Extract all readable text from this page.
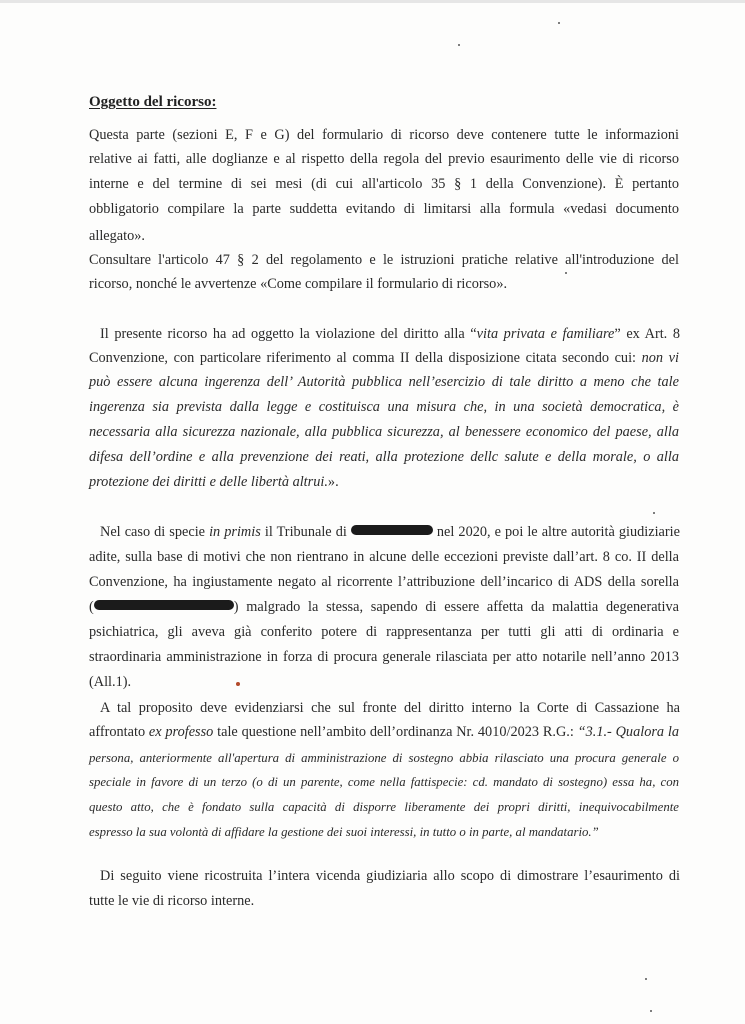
Oggetto del ricorso:
Questa parte (sezioni E, F e G) del formulario di ricorso deve contenere tutte le informazioni
relative ai fatti, alle doglianze e al rispetto della regola del previo esaurimento delle vie di ricorso
interne e del termine di sei mesi (di cui all'articolo 35 § 1 della Convenzione). È pertanto
obbligatorio compilare la parte suddetta evitando di limitarsi alla formula «vedasi documento
allegato».
Consultare l'articolo 47 § 2 del regolamento e le istruzioni pratiche relative all'introduzione del
ricorso, nonché le avvertenze «Come compilare il formulario di ricorso».
Il presente ricorso ha ad oggetto la violazione del diritto alla “vita privata e familiare” ex Art. 8
Convenzione, con particolare riferimento al comma II della disposizione citata secondo cui: non vi
può essere alcuna ingerenza dell’ Autorità pubblica nell’esercizio di tale diritto a meno che tale
ingerenza sia prevista dalla legge e costituisca una misura che, in una società democratica, è
necessaria alla sicurezza nazionale, alla pubblica sicurezza, al benessere economico del paese, alla
difesa dell’ordine e alla prevenzione dei reati, alla protezione dellc salute e della morale, o alla
protezione dei diritti e delle libertà altrui.».
Nel caso di specie in primis il Tribunale di	nel 2020, e poi le altre autorità giudiziarie
adite, sulla base di motivi che non rientrano in alcune delle eccezioni previste dall’art. 8 co. II della
Convenzione, ha ingiustamente negato al ricorrente l’attribuzione dell’incarico di ADS della sorella
(	) malgrado la stessa, sapendo di essere affetta da malattia degenerativa
psichiatrica, gli aveva già conferito potere di rappresentanza per tutti gli atti di ordinaria e
straordinaria amministrazione in forza di procura generale rilasciata per atto notarile nell’anno 2013
(All.1).
A tal proposito deve evidenziarsi che sul fronte del diritto interno la Corte di Cassazione ha
affrontato ex professo tale questione nell’ambito dell’ordinanza Nr. 4010/2023 R.G.: “3.1.- Qualora la
persona, anteriormente all'apertura di amministrazione di sostegno abbia rilasciato una procura generale o
speciale in favore di un terzo (o di un parente, come nella fattispecie: cd. mandato di sostegno) essa ha, con
questo atto, che è fondato sulla capacità di disporre liberamente dei propri diritti, inequivocabilmente
espresso la sua volontà di affidare la gestione dei suoi interessi, in tutto o in parte, al mandatario.”
Di seguito viene ricostruita l’intera vicenda giudiziaria allo scopo di dimostrare l’esaurimento di
tutte le vie di ricorso interne.
